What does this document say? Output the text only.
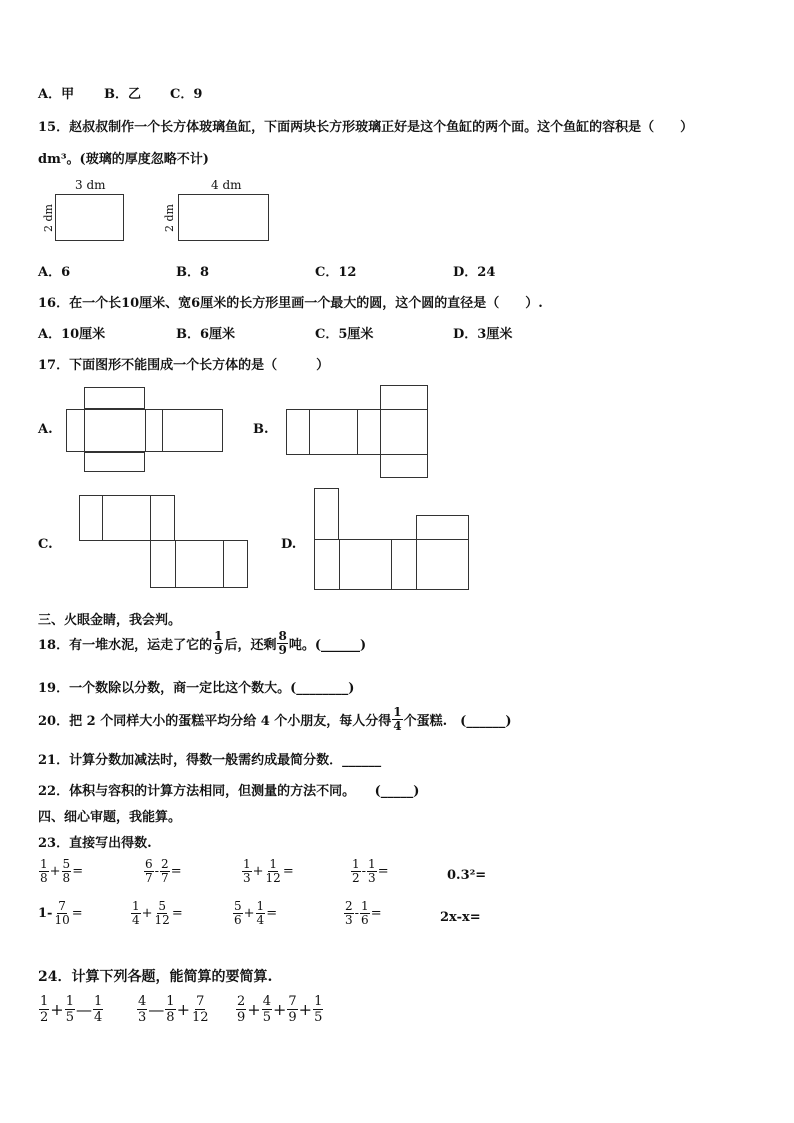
A．甲 B．乙 C．9
15．赵叔叔制作一个长方体玻璃鱼缸，下面两块长方形玻璃正好是这个鱼缸的两个面。这个鱼缸的容积是（　　）
dm³。(玻璃的厚度忽略不计)
3 dm
2 dm
4 dm
2 dm
A．6	B．8	C．12	D．24
16．在一个长10厘米、宽6厘米的长方形里画一个最大的圆，这个圆的直径是（　　）.
A．10厘米	B．6厘米	C．5厘米	D．3厘米
17．下面图形不能围成一个长方体的是（　　　）
A.	B.
C.	D.
三、火眼金睛，我会判。
18．有一堆水泥，运走了它的 $\frac{1}{9}$ 后，还剩 $\frac{8}{9}$ 吨。(______)
19．一个数除以分数，商一定比这个数大。(________)
20．把 2 个同样大小的蛋糕平均分给 4 个小朋友，每人分得 $\frac{1}{4}$ 个蛋糕.　(______)
21．计算分数加减法时，得数一般需约成最简分数．______
22．体积与容积的计算方法相同，但测量的方法不同。　　(_____)
四、细心审题，我能算。
23．直接写出得数.
$\frac{1}{8} + \frac{5}{8}$ =	$\frac{6}{7} - \frac{2}{7}$ =	$\frac{1}{3} + \frac{1}{12}$ =	$\frac{1}{2} - \frac{1}{3}$ =	0.3²=
$1- \frac{7}{10}$ =	$\frac{1}{4} + \frac{5}{12}$ =	$\frac{5}{6} + \frac{1}{4}$ =	$\frac{2}{3} - \frac{1}{6}$ =	2x-x=
24．计算下列各题，能简算的要简算.
$\frac{1}{2} + \frac{1}{5}$ — $\frac{1}{4}$	$\frac{4}{3}$ — $\frac{1}{8} + \frac{7}{12} \frac{2}{9} + \frac{4}{5} + \frac{7}{9} + \frac{1}{5}$
